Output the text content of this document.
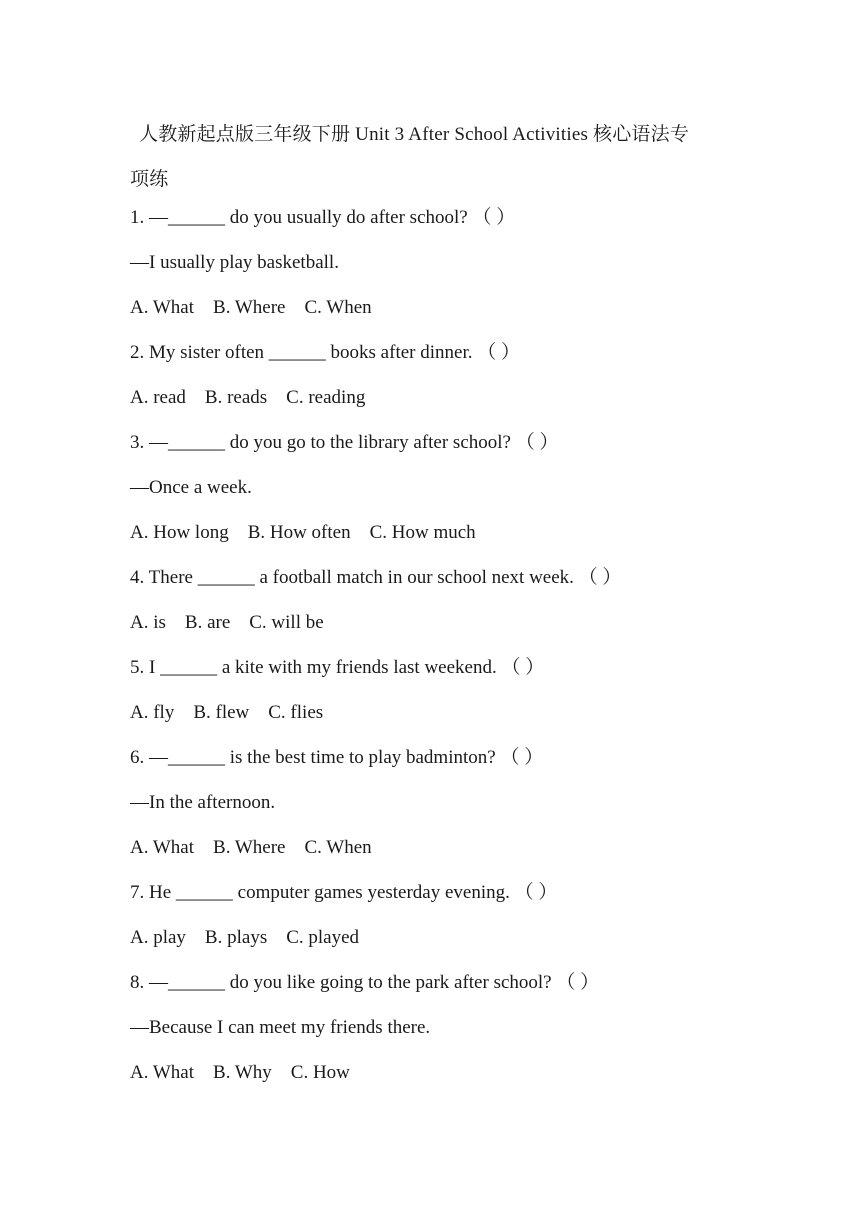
人教新起点版三年级下册 Unit 3 After School Activities 核心语法专
项练
1. —______ do you usually do after school? （ ）
—I usually play basketball.
A. What    B. Where    C. When
2. My sister often ______ books after dinner. （ ）
A. read    B. reads    C. reading
3. —______ do you go to the library after school? （ ）
—Once a week.
A. How long    B. How often    C. How much
4. There ______ a football match in our school next week. （ ）
A. is    B. are    C. will be
5. I ______ a kite with my friends last weekend. （ ）
A. fly    B. flew    C. flies
6. —______ is the best time to play badminton? （ ）
—In the afternoon.
A. What    B. Where    C. When
7. He ______ computer games yesterday evening. （ ）
A. play    B. plays    C. played
8. —______ do you like going to the park after school? （ ）
—Because I can meet my friends there.
A. What    B. Why    C. How
